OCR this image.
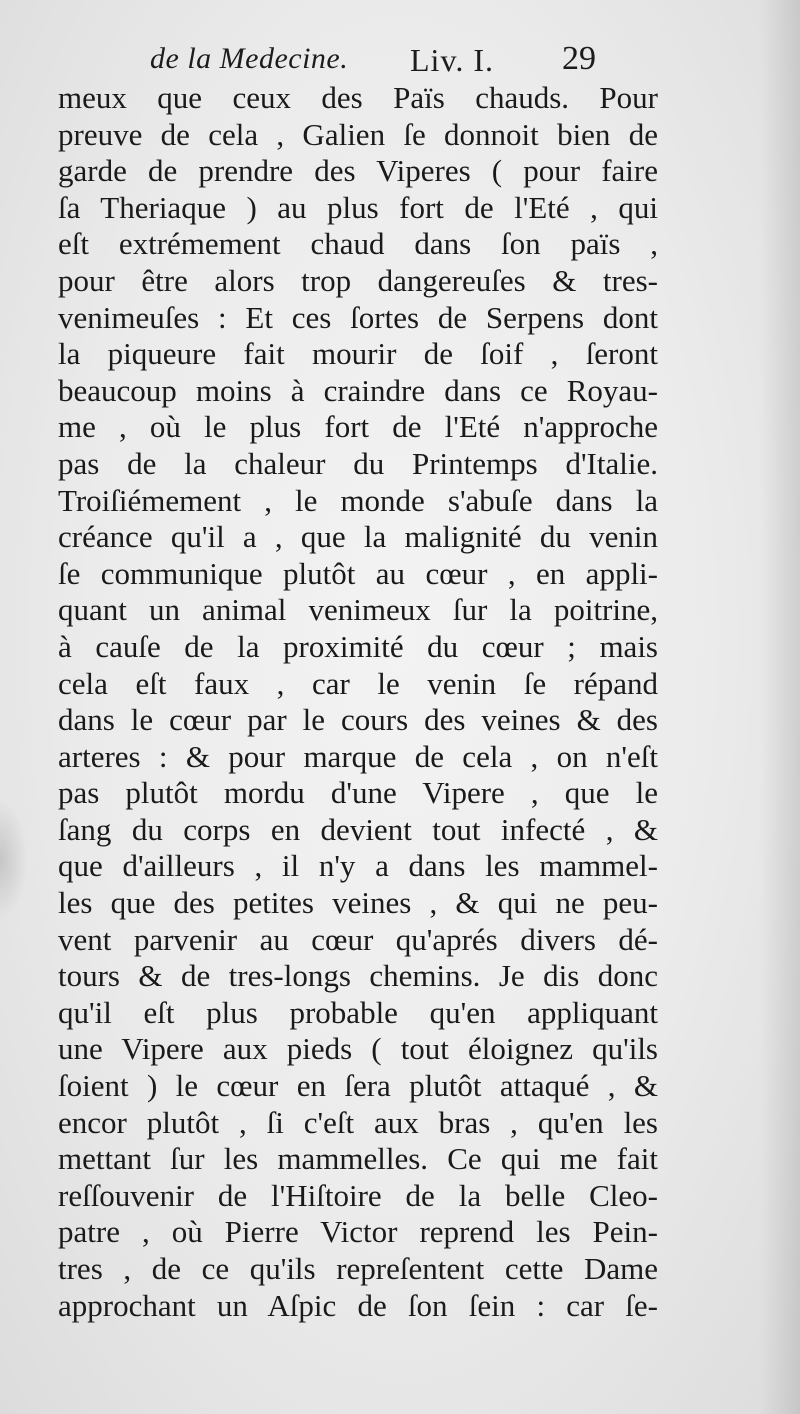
de la Medecine. Liv. I. 29
meux que ceux des Païs chauds. Pour
preuve de cela , Galien ſe donnoit bien de
garde de prendre des Viperes ( pour faire
ſa Theriaque ) au plus fort de l'Eté , qui
eſt extrémement chaud dans ſon païs ,
pour être alors trop dangereuſes & tres-
venimeuſes : Et ces ſortes de Serpens dont
la piqueure fait mourir de ſoif , ſeront
beaucoup moins à craindre dans ce Royau-
me , où le plus fort de l'Eté n'approche
pas de la chaleur du Printemps d'Italie.
Troiſiémement , le monde s'abuſe dans la
créance qu'il a , que la malignité du venin
ſe communique plutôt au cœur , en appli-
quant un animal venimeux ſur la poitrine,
à cauſe de la proximité du cœur ; mais
cela eſt faux , car le venin ſe répand
dans le cœur par le cours des veines & des
arteres : & pour marque de cela , on n'eſt
pas plutôt mordu d'une Vipere , que le
ſang du corps en devient tout infecté , &
que d'ailleurs , il n'y a dans les mammel-
les que des petites veines , & qui ne peu-
vent parvenir au cœur qu'aprés divers dé-
tours & de tres-longs chemins. Je dis donc
qu'il eſt plus probable qu'en appliquant
une Vipere aux pieds ( tout éloignez qu'ils
ſoient ) le cœur en ſera plutôt attaqué , &
encor plutôt , ſi c'eſt aux bras , qu'en les
mettant ſur les mammelles. Ce qui me fait
reſſouvenir de l'Hiſtoire de la belle Cleo-
patre , où Pierre Victor reprend les Pein-
tres , de ce qu'ils repreſentent cette Dame
approchant un Aſpic de ſon ſein : car ſe-
